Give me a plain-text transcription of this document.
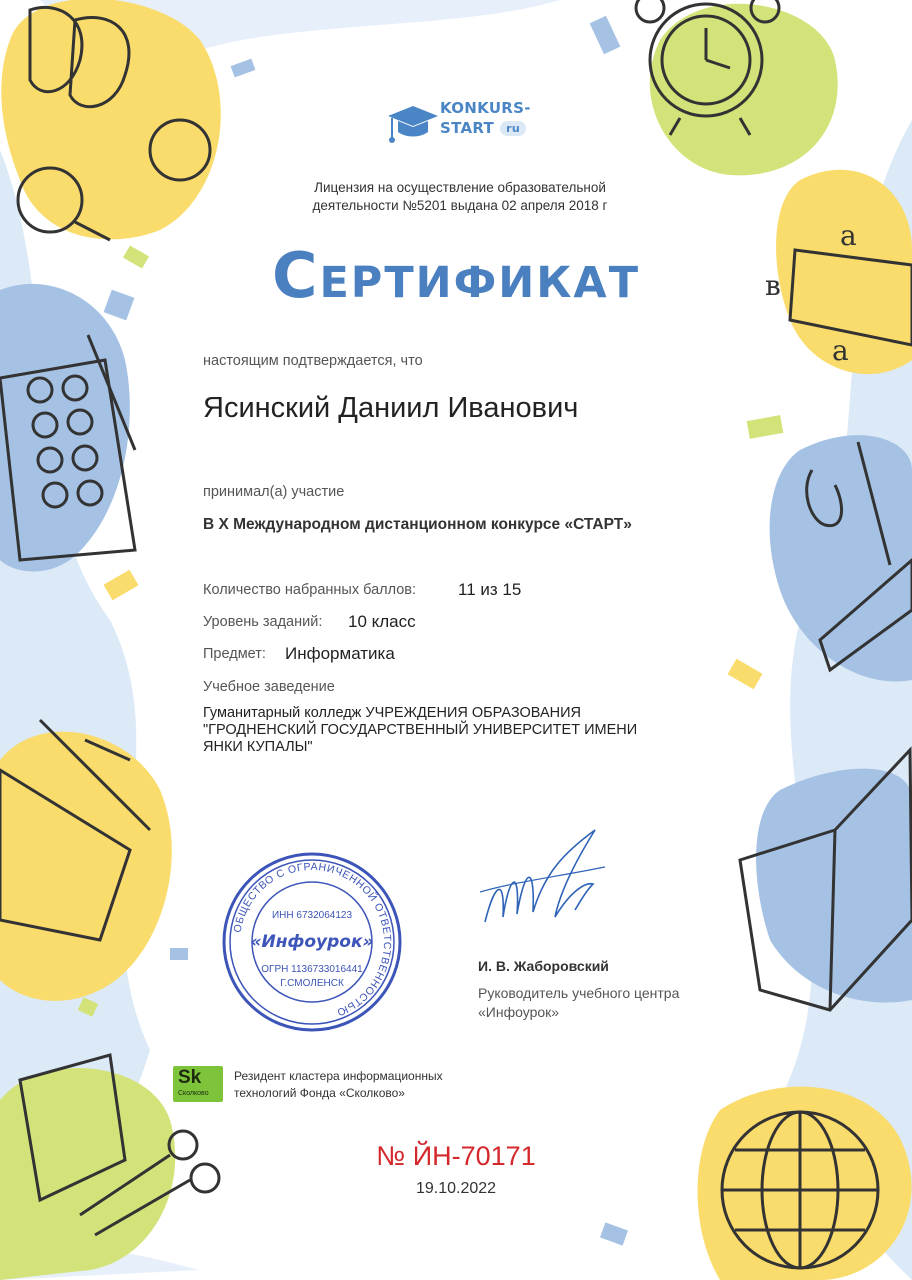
a
в
a
KONKURS-
START ru
Лицензия на осуществление образовательной
деятельности №5201 выдана 02 апреля 2018 г
Сертификат
настоящим подтверждается, что
Ясинский Даниил Иванович
принимал(а) участие
В X Международном дистанционном конкурсе «СТАРТ»
Количество набранных баллов: 11 из 15
Уровень заданий: 10 класс
Предмет: Информатика
Учебное заведение
Гуманитарный колледж УЧРЕЖДЕНИЯ ОБРАЗОВАНИЯ
"ГРОДНЕНСКИЙ ГОСУДАРСТВЕННЫЙ УНИВЕРСИТЕТ ИМЕНИ
ЯНКИ КУПАЛЫ"
ОБЩЕСТВО С ОГРАНИЧЕННОЙ ОТВЕТСТВЕННОСТЬЮ
ИНН 6732064123
«Инфоурок»
ОГРН 1136733016441
Г.СМОЛЕНСК
И. В. Жаборовский
Руководитель учебного центра
«Инфоурок»
Sk
Сколково
Резидент кластера информационных
технологий Фонда «Сколково»
№ ЙН-70171
19.10.2022
